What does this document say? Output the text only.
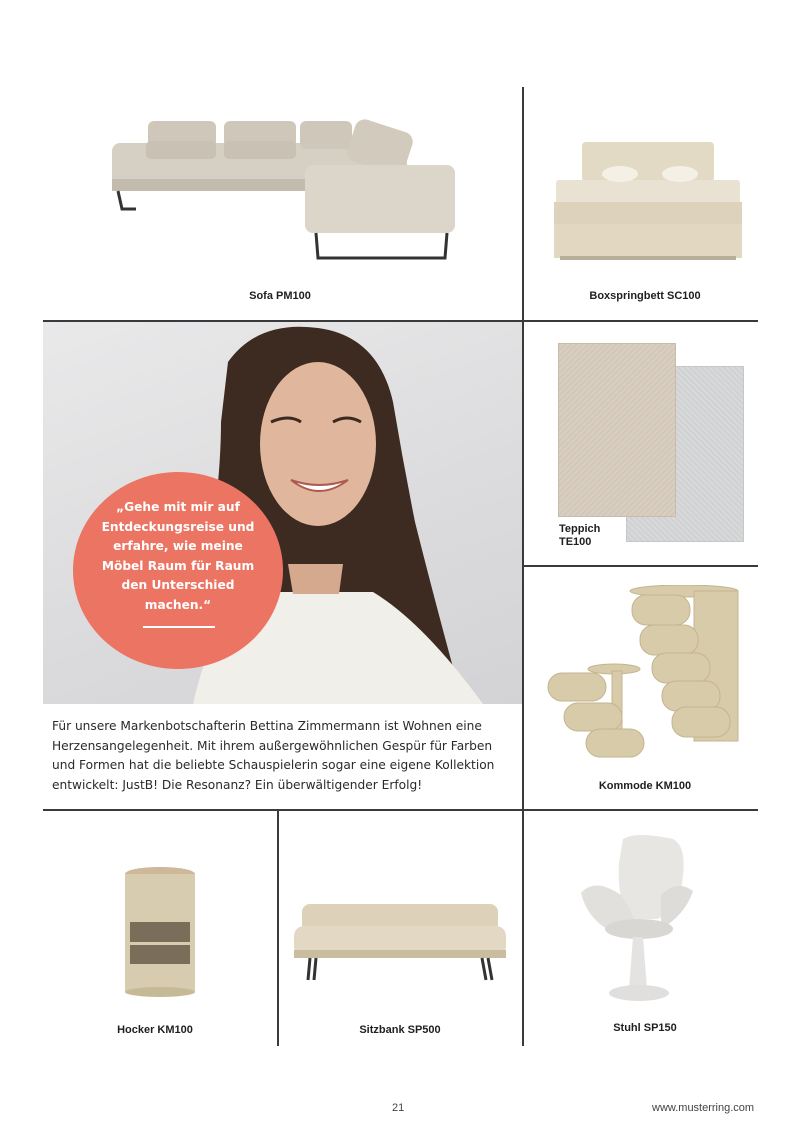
Sofa PM100	Boxspringbett SC100
Teppich
TE100
Kommode KM100
Hocker KM100	Sitzbank SP500	Stuhl SP150
„Gehe mit mir auf Entdeckungsreise und erfahre, wie meine Möbel Raum für Raum den Unterschied machen.“
Für unsere Markenbotschafterin Bettina Zimmermann ist Wohnen eine Herzensangelegenheit. Mit ihrem außergewöhnlichen Gespür für Farben und Formen hat die beliebte Schauspielerin sogar eine eigene Kollektion entwickelt: JustB! Die Resonanz? Ein überwältigender Erfolg!
21	www.musterring.com
